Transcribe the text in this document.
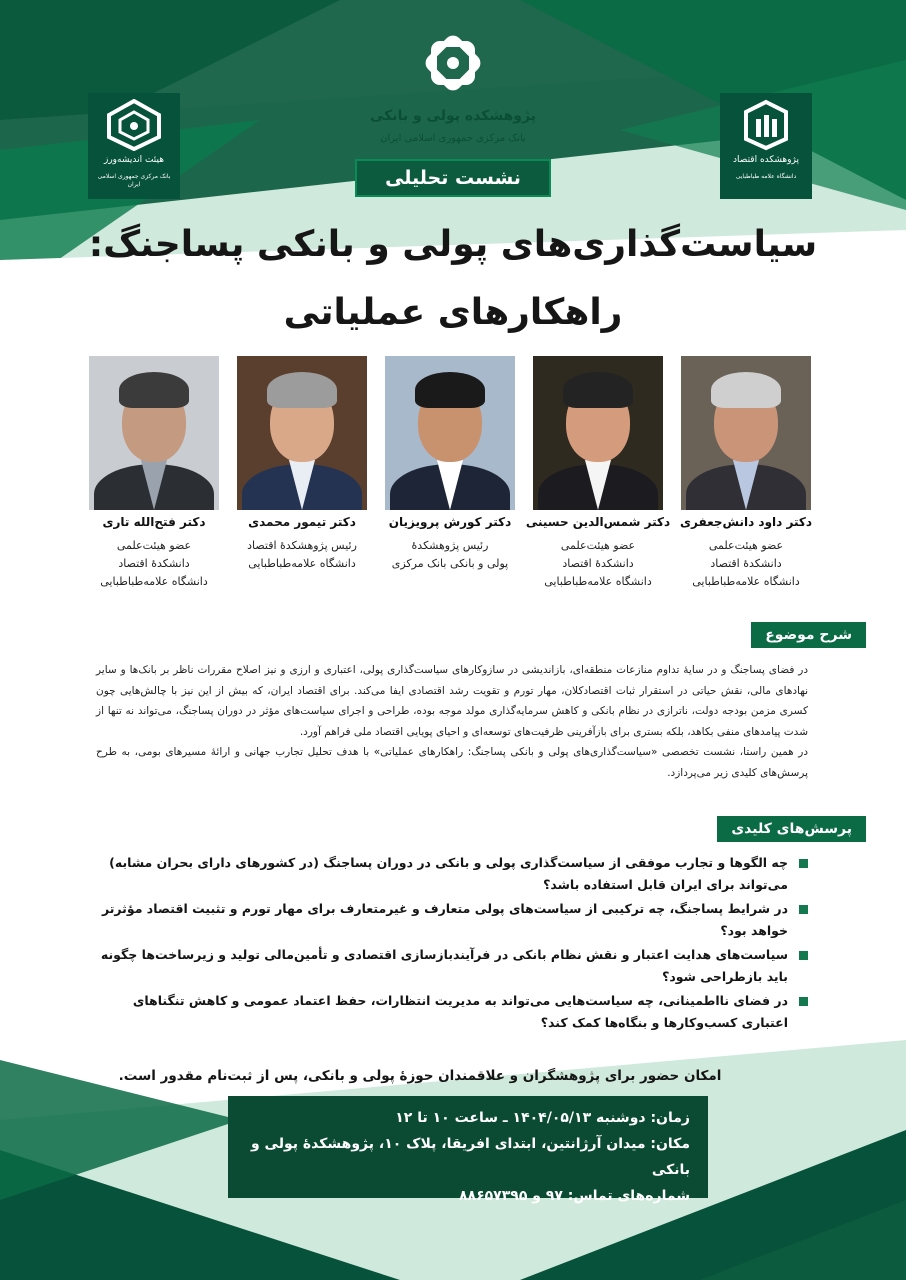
هیئت اندیشه‌ورز
بانک مرکزی جمهوری اسلامی ایران
پژوهشکده اقتصاد
دانشگاه علامه طباطبایی
پژوهشکده پولی و بانکی
بانک مرکزی جمهوری اسلامی ایران
نشست تحلیلی
سیاست‌گذاری‌های پولی و بانکی پساجنگ:
راهکارهای عملیاتی
دکتر فتح‌الله تاری
عضو هیئت‌علمی
دانشکدهٔ اقتصاد
دانشگاه علامه‌طباطبایی
دکتر تیمور محمدی
رئیس پژوهشکدهٔ اقتصاد
دانشگاه علامه‌طباطبایی
دکتر کورش پرویزیان
رئیس پژوهشکدهٔ
پولی و بانکی بانک مرکزی
دکتر شمس‌الدین حسینی
عضو هیئت‌علمی
دانشکدهٔ اقتصاد
دانشگاه علامه‌طباطبایی
دکتر داود دانش‌جعفری
عضو هیئت‌علمی
دانشکدهٔ اقتصاد
دانشگاه علامه‌طباطبایی
شرح موضوع

در فضای پساجنگ و در سایهٔ تداوم منازعات منطقه‌ای، بازاندیشی در سازوکارهای سیاست‌گذاری پولی، اعتباری و ارزی و نیز اصلاح مقررات ناظر بر بانک‌ها و سایر نهادهای مالی، نقش حیاتی در استقرار ثبات اقتصادکلان، مهار تورم و تقویت رشد اقتصادی ایفا می‌کند. برای اقتصاد ایران، که بیش از این نیز با چالش‌هایی چون کسری مزمن بودجه دولت، ناترازی در نظام بانکی و کاهش سرمایه‌گذاری مولد موجه بوده، طراحی و اجرای سیاست‌های مؤثر در دوران پساجنگ، می‌تواند نه تنها از شدت پیامدهای منفی بکاهد، بلکه بستری برای بازآفرینی ظرفیت‌های توسعه‌ای و احیای پویایی اقتصاد ملی فراهم آورد.

در همین راستا، نشست تخصصی «سیاست‌گذاری‌های پولی و بانکی پساجنگ: راهکارهای عملیاتی» با هدف تحلیل تجارب جهانی و ارائهٔ مسیرهای بومی، به طرح پرسش‌های کلیدی زیر می‌پردازد.

پرسش‌های کلیدی
چه الگوها و تجارب موفقی از سیاست‌گذاری پولی و بانکی در دوران پساجنگ (در کشورهای دارای بحران مشابه) می‌تواند برای ایران قابل استفاده باشد؟
در شرایط پساجنگ، چه ترکیبی از سیاست‌های پولی متعارف و غیرمتعارف برای مهار تورم و تثبیت اقتصاد مؤثرتر خواهد بود؟
سیاست‌های هدایت اعتبار و نقش نظام بانکی در فرآیندبازسازی اقتصادی و تأمین‌مالی تولید و زیرساخت‌ها چگونه باید بازطراحی شود؟
در فضای نااطمینانی، چه سیاست‌هایی می‌تواند به مدیریت انتظارات، حفظ اعتماد عمومی و کاهش تنگناهای اعتباری کسب‌وکارها و بنگاه‌ها کمک کند؟
امکان حضور برای پژوهشگران و علاقمندان حوزهٔ پولی و بانکی، پس از ثبت‌نام مقدور است.
زمان: دوشنبه ۱۴۰۴/۰۵/۱۳ ـ ساعت ۱۰ تا ۱۲
مکان: میدان آرژانتین، ابتدای افریقا، پلاک ۱۰، پژوهشکدهٔ پولی و بانکی
شماره‌های تماس: ۹۷ و ۸۸۶۵۷۳۹۵
